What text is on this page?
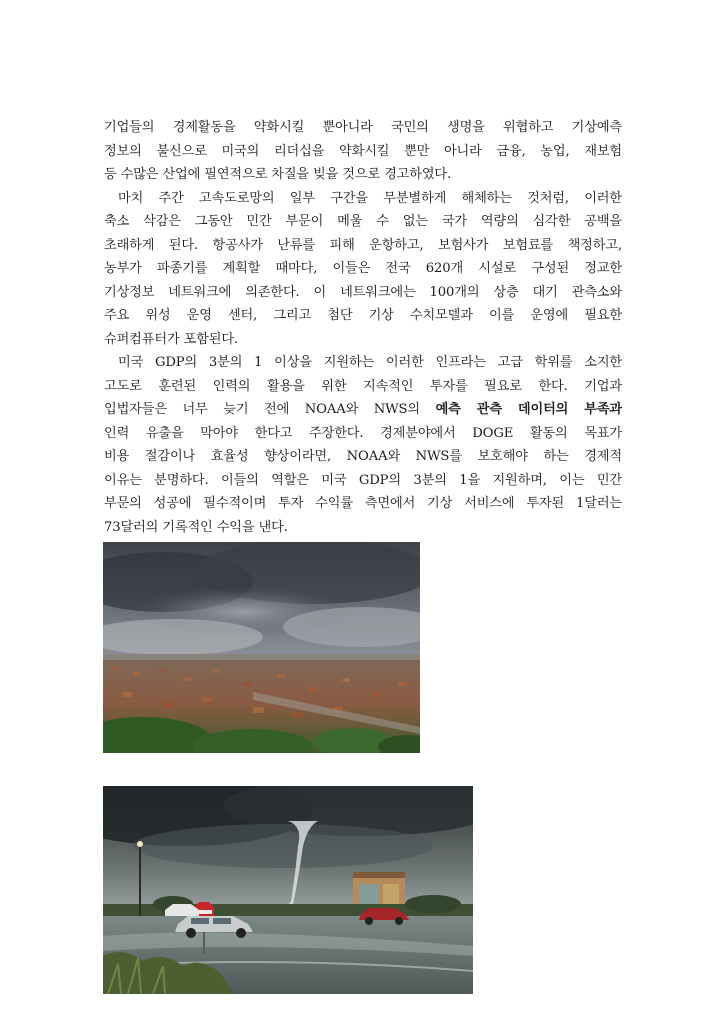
기업들의 경제활동을 약화시킬 뿐아니라 국민의 생명을 위협하고 기상예측
정보의 불신으로 미국의 리더십을 약화시킬 뿐만 아니라 금융, 농업, 재보험
등 수많은 산업에 필연적으로 차질을 빚을 것으로 경고하였다.
마치 주간 고속도로망의 일부 구간을 무분별하게 해체하는 것처럼, 이러한
축소 삭감은 그동안 민간 부문이 메울 수 없는 국가 역량의 심각한 공백을
초래하게 된다. 항공사가 난류를 피해 운항하고, 보험사가 보험료를 책정하고,
농부가 파종기를 계획할 때마다, 이들은 전국 620개 시설로 구성된 정교한
기상정보 네트워크에 의존한다. 이 네트워크에는 100개의 상층 대기 관측소와
주요 위성 운영 센터, 그리고 첨단 기상 수치모델과 이를 운영에 필요한
슈퍼컴퓨터가 포함된다.
미국 GDP의 3분의 1 이상을 지원하는 이러한 인프라는 고급 학위를 소지한
고도로 훈련된 인력의 활용을 위한 지속적인 투자를 필요로 한다. 기업과
입법자들은 너무 늦기 전에 NOAA와 NWS의 예측 관측 데이터의 부족과
인력 유출을 막아야 한다고 주장한다. 경제분야에서 DOGE 활동의 목표가
비용 절감이나 효율성 향상이라면, NOAA와 NWS를 보호해야 하는 경제적
이유는 분명하다. 이들의 역할은 미국 GDP의 3분의 1을 지원하며, 이는 민간
부문의 성공에 필수적이며 투자 수익률 측면에서 기상 서비스에 투자된 1달러는
73달러의 기록적인 수익을 낸다.
